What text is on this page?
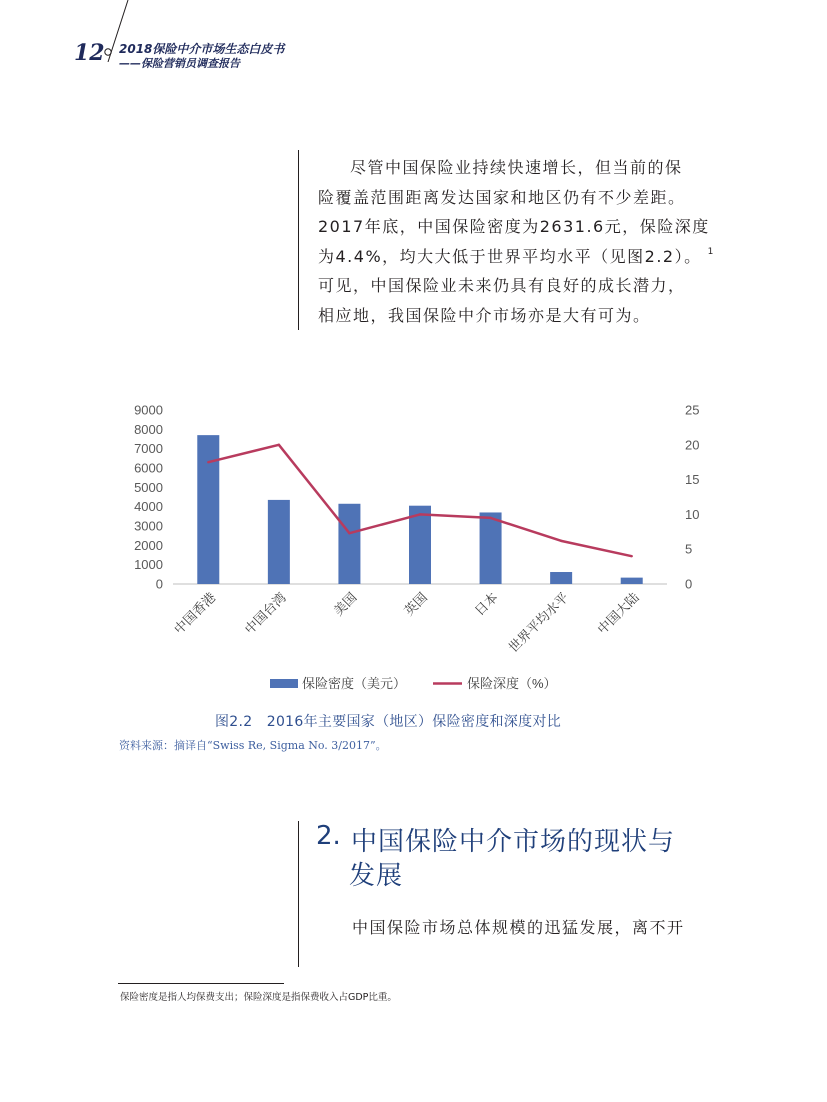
12 2018保险中介市场生态白皮书
——保险营销员调查报告
尽管中国保险业持续快速增长，但当前的保
险覆盖范围距离发达国家和地区仍有不少差距。
2017年底，中国保险密度为2631.6元，保险深度
为4.4%，均大大低于世界平均水平（见图2.2）。 $^1$
可见，中国保险业未来仍具有良好的成长潜力，
相应地，我国保险中介市场亦是大有可为。
0
1000
2000
3000
4000
5000
6000
7000
8000
9000
0
5
10
15
20
25
中国香港 中国台湾	美国	英国	日本 世界平均水平 中国大陆
保险密度（美元）	保险深度（%）
图2.2　2016年主要国家（地区）保险密度和深度对比
资料来源：摘译自“Swiss Re, Sigma No. 3/2017”。
2. 中国保险中介市场的现状与
发展
中国保险市场总体规模的迅猛发展，离不开
保险密度是指人均保费支出；保险深度是指保费收入占GDP比重。
